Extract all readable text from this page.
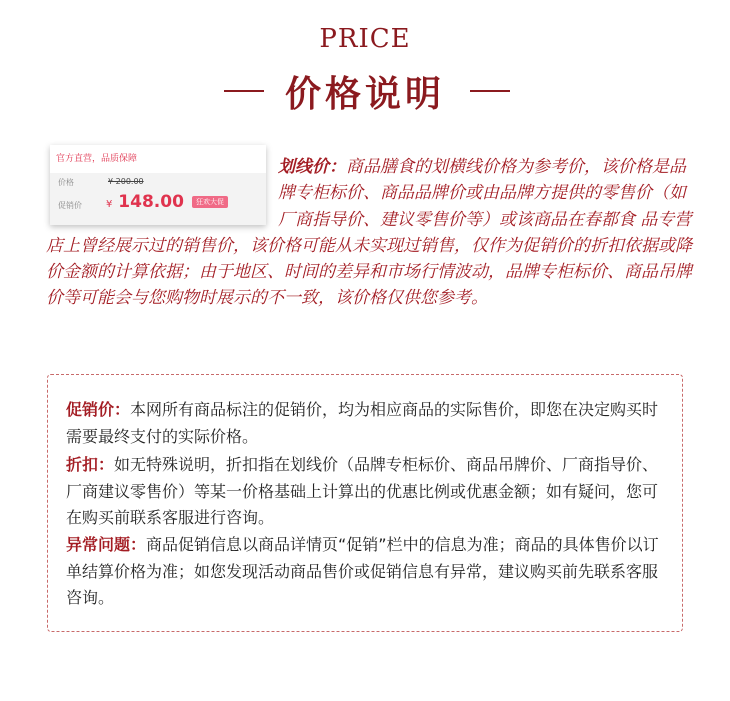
PRICE
价格说明
官方直营，品质保障
价格	¥ 200.00
促销价 ¥ 148.00	狂欢大促
划线价：商品膳食的划横线价格为参考价，该价格是品牌专柜标价、商品品牌价或由品牌方提供的零售价（如厂商指导价、建议零售价等）或该商品在春都食 品专营店上曾经展示过的销售价，该价格可能从未实现过销售，仅作为促销价的折扣依据或降价金额的计算依据；由于地区、时间的差异和市场行情波动，品牌专柜标价、商品吊牌价等可能会与您购物时展示的不一致，该价格仅供您参考。
促销价：本网所有商品标注的促销价，均为相应商品的实际售价，即您在决定购买时需要最终支付的实际价格。
折扣：如无特殊说明，折扣指在划线价（品牌专柜标价、商品吊牌价、厂商指导价、厂商建议零售价）等某一价格基础上计算出的优惠比例或优惠金额；如有疑问，您可在购买前联系客服进行咨询。
异常问题：商品促销信息以商品详情页“促销”栏中的信息为准；商品的具体售价以订单结算价格为准；如您发现活动商品售价或促销信息有异常，建议购买前先联系客服咨询。
